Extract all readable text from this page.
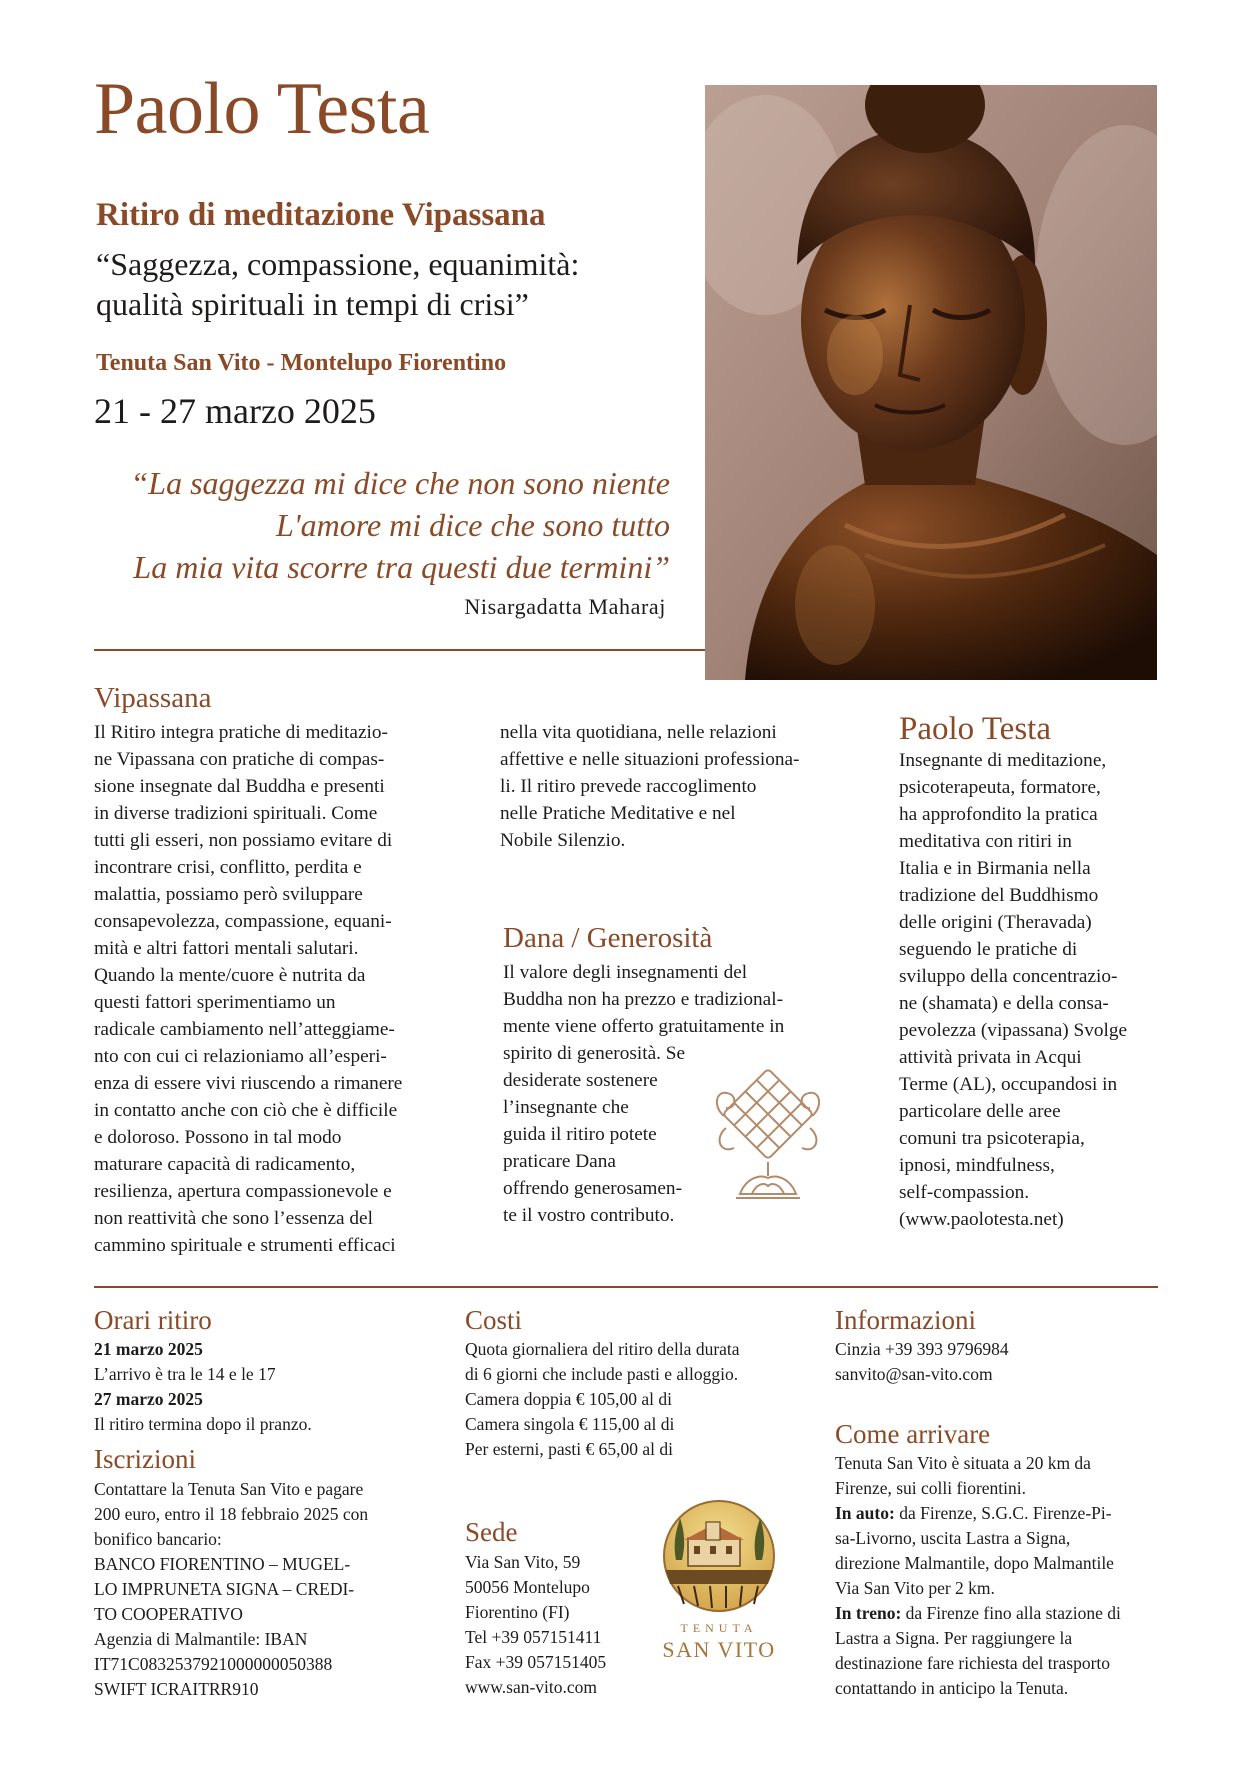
Paolo Testa
Ritiro di meditazione Vipassana
“Saggezza, compassione, equanimità:
qualità spirituali in tempi di crisi”
Tenuta San Vito - Montelupo Fiorentino
21 - 27 marzo 2025
“La saggezza mi dice che non sono niente
L'amore mi dice che sono tutto
La mia vita scorre tra questi due termini”
Nisargadatta Maharaj
Vipassana
Il Ritiro integra pratiche di meditazio-
ne Vipassana con pratiche di compas-
sione insegnate dal Buddha e presenti
in diverse tradizioni spirituali. Come
tutti gli esseri, non possiamo evitare di
incontrare crisi, conflitto, perdita e
malattia, possiamo però sviluppare
consapevolezza, compassione, equani-
mità e altri fattori mentali salutari.
Quando la mente/cuore è nutrita da
questi fattori sperimentiamo un
radicale cambiamento nell’atteggiame-
nto con cui ci relazioniamo all’esperi-
enza di essere vivi riuscendo a rimanere
in contatto anche con ciò che è difficile
e doloroso. Possono in tal modo
maturare capacità di radicamento,
resilienza, apertura compassionevole e
non reattività che sono l’essenza del
cammino spirituale e strumenti efficaci
nella vita quotidiana, nelle relazioni
affettive e nelle situazioni professiona-
li. Il ritiro prevede raccoglimento
nelle Pratiche Meditative e nel
Nobile Silenzio.
Dana / Generosità
Il valore degli insegnamenti del
Buddha non ha prezzo e tradizional-
mente viene offerto gratuitamente in
spirito di generosità. Se
desiderate sostenere
l’insegnante che
guida il ritiro potete
praticare Dana
offrendo generosamen-
te il vostro contributo.
Paolo Testa
Insegnante di meditazione,
psicoterapeuta, formatore,
ha approfondito la pratica
meditativa con ritiri in
Italia e in Birmania nella
tradizione del Buddhismo
delle origini (Theravada)
seguendo le pratiche di
sviluppo della concentrazio-
ne (shamata) e della consa-
pevolezza (vipassana) Svolge
attività privata in Acqui
Terme (AL), occupandosi in
particolare delle aree
comuni tra psicoterapia,
ipnosi, mindfulness,
self-compassion.
(www.paolotesta.net)
Orari ritiro
21 marzo 2025
L’arrivo è tra le 14 e le 17
27 marzo 2025
Il ritiro termina dopo il pranzo.
Iscrizioni
Contattare la Tenuta San Vito e pagare
200 euro, entro il 18 febbraio 2025 con
bonifico bancario:
BANCO FIORENTINO – MUGEL-
LO IMPRUNETA SIGNA – CREDI-
TO COOPERATIVO
Agenzia di Malmantile: IBAN
IT71C0832537921000000050388
SWIFT ICRAITRR910
Costi
Quota giornaliera del ritiro della durata
di 6 giorni che include pasti e alloggio.
Camera doppia € 105,00 al di
Camera singola € 115,00 al di
Per esterni, pasti € 65,00 al di
Sede
Via San Vito, 59
50056 Montelupo
Fiorentino (FI)
Tel +39 057151411
Fax +39 057151405
www.san-vito.com
TENUTA
SAN VITO
Informazioni
Cinzia +39 393 9796984
sanvito@san-vito.com
Come arrivare
Tenuta San Vito è situata a 20 km da
Firenze, sui colli fiorentini.
In auto: da Firenze, S.G.C. Firenze-Pi-
sa-Livorno, uscita Lastra a Signa,
direzione Malmantile, dopo Malmantile
Via San Vito per 2 km.
In treno: da Firenze fino alla stazione di
Lastra a Signa. Per raggiungere la
destinazione fare richiesta del trasporto
contattando in anticipo la Tenuta.
